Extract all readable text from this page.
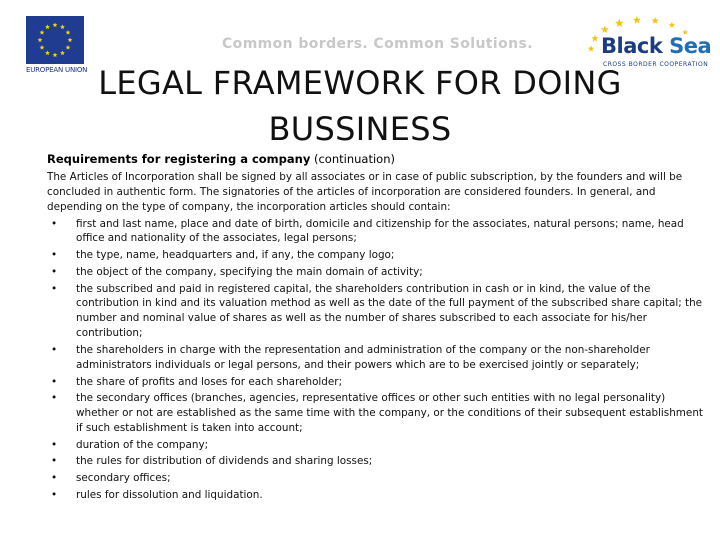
EUROPEAN UNION
Common borders. Common Solutions.	Black Sea
CROSS BORDER COOPERATION
LEGAL FRAMEWORK FOR DOING
BUSSINESS
Requirements for registering a company (continuation)

The Articles of Incorporation shall be signed by all associates or in case of public subscription, by the founders and will be concluded in authentic form. The signatories of the articles of incorporation are considered founders. In general, and depending on the type of company, the incorporation articles should contain:

• first and last name, place and date of birth, domicile and citizenship for the associates, natural persons; name, head office and nationality of the associates, legal persons;
• the type, name, headquarters and, if any, the company logo;
• the object of the company, specifying the main domain of activity;
• the subscribed and paid in registered capital, the shareholders contribution in cash or in kind, the value of the contribution in kind and its valuation method as well as the date of the full payment of the subscribed share capital; the number and nominal value of shares as well as the number of shares subscribed to each associate for his/her contribution;
• the shareholders in charge with the representation and administration of the company or the non-shareholder administrators individuals or legal persons, and their powers which are to be exercised jointly or separately;
• the share of profits and loses for each shareholder;
• the secondary offices (branches, agencies, representative offices or other such entities with no legal personality) whether or not are established as the same time with the company, or the conditions of their subsequent establishment if such establishment is taken into account;
• duration of the company;
• the rules for distribution of dividends and sharing losses;
• secondary offices;
• rules for dissolution and liquidation.
